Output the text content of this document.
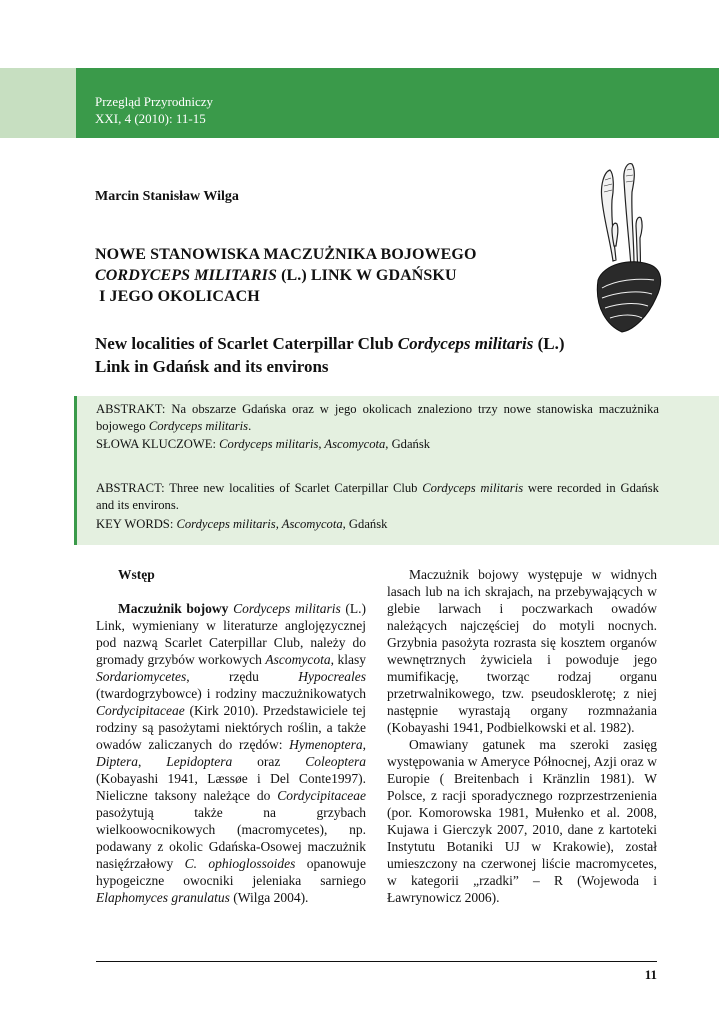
Przegląd Przyrodniczy
XXI, 4 (2010): 11-15
Marcin Stanisław Wilga
NOWE STANOWISKA MACZUŻNIKA BOJOWEGO
CORDYCEPS MILITARIS (L.) LINK W GDAŃSKU
I JEGO OKOLICACH
New localities of Scarlet Caterpillar Club Cordyceps militaris (L.)
Link in Gdańsk and its environs
ABSTRAKT: Na obszarze Gdańska oraz w jego okolicach znaleziono trzy nowe stanowiska maczużnika bojowego Cordyceps militaris.
SŁOWA KLUCZOWE: Cordyceps militaris, Ascomycota, Gdańsk
ABSTRACT: Three new localities of Scarlet Caterpillar Club Cordyceps militaris were recorded in Gdańsk and its environs.
KEY WORDS: Cordyceps militaris, Ascomycota, Gdańsk
Wstęp

Maczużnik bojowy Cordyceps militaris (L.) Link, wymieniany w literaturze anglojęzycznej pod nazwą Scarlet Caterpillar Club, należy do gromady grzybów workowych Ascomycota, klasy Sordariomycetes, rzędu Hypocreales (twardogrzybowce) i rodziny maczużnikowatych Cordycipitaceae (Kirk 2010). Przedstawiciele tej rodziny są pasożytami niektórych roślin, a także owadów zaliczanych do rzędów: Hymenoptera, Diptera, Lepidoptera oraz Coleoptera (Kobayashi 1941, Læssøe i Del Conte1997). Nieliczne taksony należące do Cordycipitaceae pasożytują także na grzybach wielkoowocnikowych (macromycetes), np. podawany z okolic Gdańska-Osowej maczużnik nasięźrzałowy C. ophioglossoides opanowuje hypogeiczne owocniki jeleniaka sarniego Elaphomyces granulatus (Wilga 2004).

Maczużnik bojowy występuje w widnych lasach lub na ich skrajach, na przebywających w glebie larwach i poczwarkach owadów należących najczęściej do motyli nocnych. Grzybnia pasożyta rozrasta się kosztem organów wewnętrznych żywiciela i powoduje jego mumifikację, tworząc rodzaj organu przetrwalnikowego, tzw. pseudosklerotę; z niej następnie wyrastają organy rozmnażania (Kobayashi 1941, Podbielkowski et al. 1982).

Omawiany gatunek ma szeroki zasięg występowania w Ameryce Północnej, Azji oraz w Europie ( Breitenbach i Kränzlin 1981). W Polsce, z racji sporadycznego rozprzestrzenienia (por. Komorowska 1981, Mułenko et al. 2008, Kujawa i Gierczyk 2007, 2010, dane z kartoteki Instytutu Botaniki UJ w Krakowie), został umieszczony na czerwonej liście macromycetes, w kategorii „rzadki” – R (Wojewoda i Ławrynowicz 2006).

11
